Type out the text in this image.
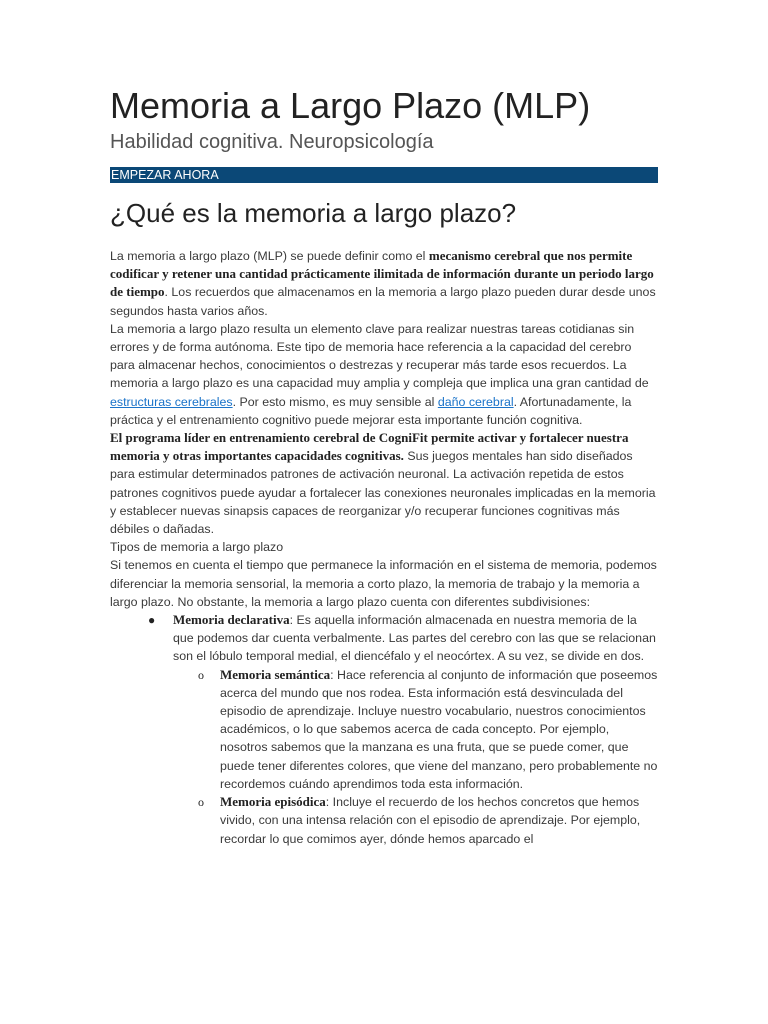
Memoria a Largo Plazo (MLP)
Habilidad cognitiva. Neuropsicología
EMPEZAR AHORA
¿Qué es la memoria a largo plazo?

La memoria a largo plazo (MLP) se puede definir como el mecanismo cerebral que nos permite codificar y retener una cantidad prácticamente ilimitada de información durante un periodo largo de tiempo. Los recuerdos que almacenamos en la memoria a largo plazo pueden durar desde unos segundos hasta varios años.

La memoria a largo plazo resulta un elemento clave para realizar nuestras tareas cotidianas sin errores y de forma autónoma. Este tipo de memoria hace referencia a la capacidad del cerebro para almacenar hechos, conocimientos o destrezas y recuperar más tarde esos recuerdos. La memoria a largo plazo es una capacidad muy amplia y compleja que implica una gran cantidad de estructuras cerebrales. Por esto mismo, es muy sensible al daño cerebral. Afortunadamente, la práctica y el entrenamiento cognitivo puede mejorar esta importante función cognitiva.

El programa líder en entrenamiento cerebral de CogniFit permite activar y fortalecer nuestra memoria y otras importantes capacidades cognitivas. Sus juegos mentales han sido diseñados para estimular determinados patrones de activación neuronal. La activación repetida de estos patrones cognitivos puede ayudar a fortalecer las conexiones neuronales implicadas en la memoria y establecer nuevas sinapsis capaces de reorganizar y/o recuperar funciones cognitivas más débiles o dañadas.

Tipos de memoria a largo plazo

Si tenemos en cuenta el tiempo que permanece la información en el sistema de memoria, podemos diferenciar la memoria sensorial, la memoria a corto plazo, la memoria de trabajo y la memoria a largo plazo. No obstante, la memoria a largo plazo cuenta con diferentes subdivisiones:

● Memoria declarativa: Es aquella información almacenada en nuestra memoria de la que podemos dar cuenta verbalmente. Las partes del cerebro con las que se relacionan son el lóbulo temporal medial, el diencéfalo y el neocórtex. A su vez, se divide en dos.
o Memoria semántica: Hace referencia al conjunto de información que poseemos acerca del mundo que nos rodea. Esta información está desvinculada del episodio de aprendizaje. Incluye nuestro vocabulario, nuestros conocimientos académicos, o lo que sabemos acerca de cada concepto. Por ejemplo, nosotros sabemos que la manzana es una fruta, que se puede comer, que puede tener diferentes colores, que viene del manzano, pero probablemente no recordemos cuándo aprendimos toda esta información.
o Memoria episódica: Incluye el recuerdo de los hechos concretos que hemos vivido, con una intensa relación con el episodio de aprendizaje. Por ejemplo, recordar lo que comimos ayer, dónde hemos aparcado el
